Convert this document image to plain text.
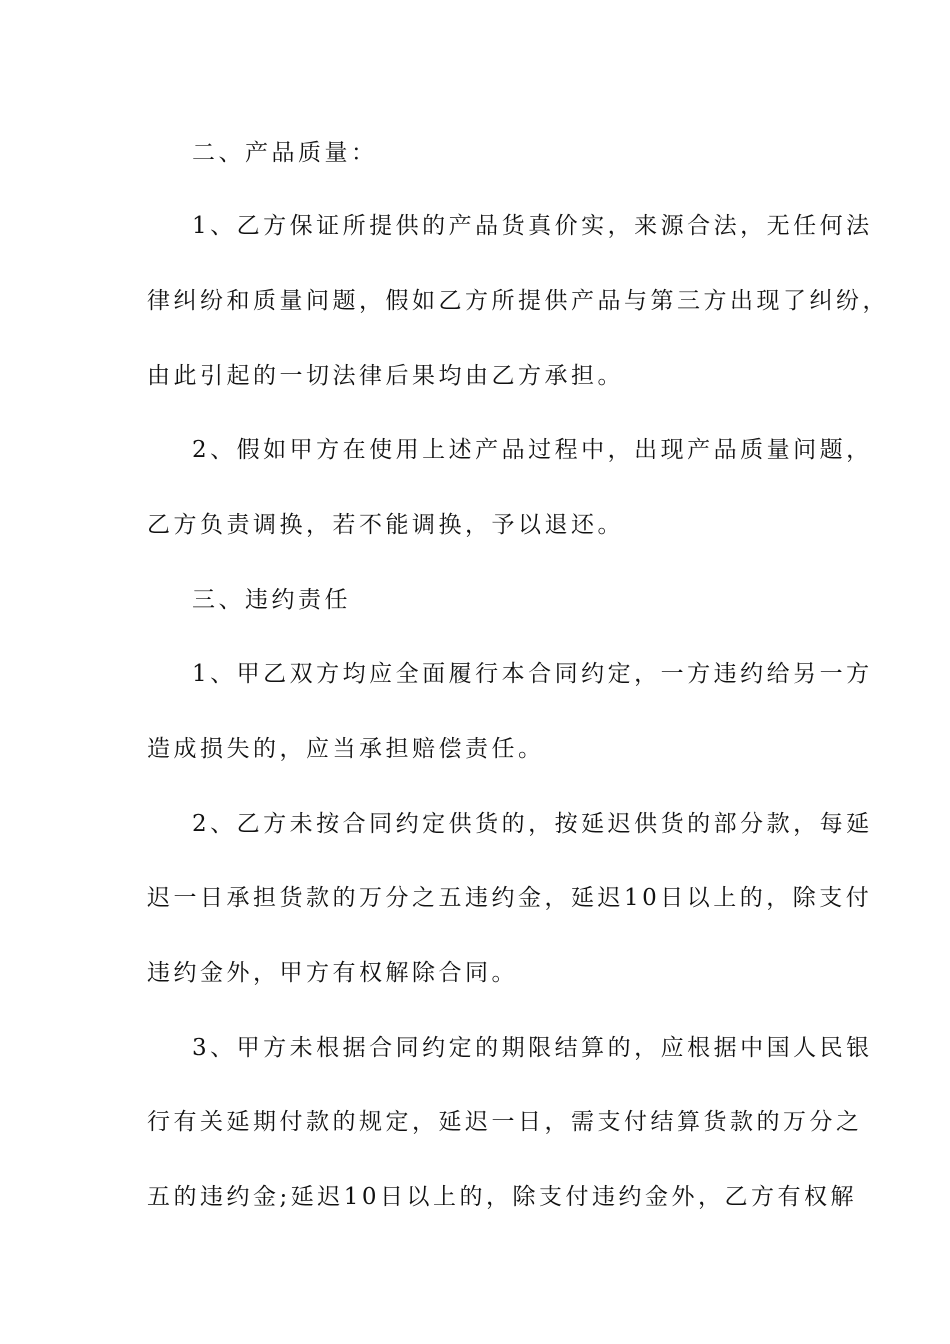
二、产品质量：
1、乙方保证所提供的产品货真价实，来源合法，无任何法
律纠纷和质量问题，假如乙方所提供产品与第三方出现了纠纷，
由此引起的一切法律后果均由乙方承担。
2、假如甲方在使用上述产品过程中，出现产品质量问题，
乙方负责调换，若不能调换，予以退还。
三、违约责任
1、甲乙双方均应全面履行本合同约定，一方违约给另一方
造成损失的，应当承担赔偿责任。
2、乙方未按合同约定供货的，按延迟供货的部分款，每延
迟一日承担货款的万分之五违约金，延迟10日以上的，除支付
违约金外，甲方有权解除合同。
3、甲方未根据合同约定的期限结算的，应根据中国人民银
行有关延期付款的规定，延迟一日，需支付结算货款的万分之
五的违约金;延迟10日以上的，除支付违约金外，乙方有权解
